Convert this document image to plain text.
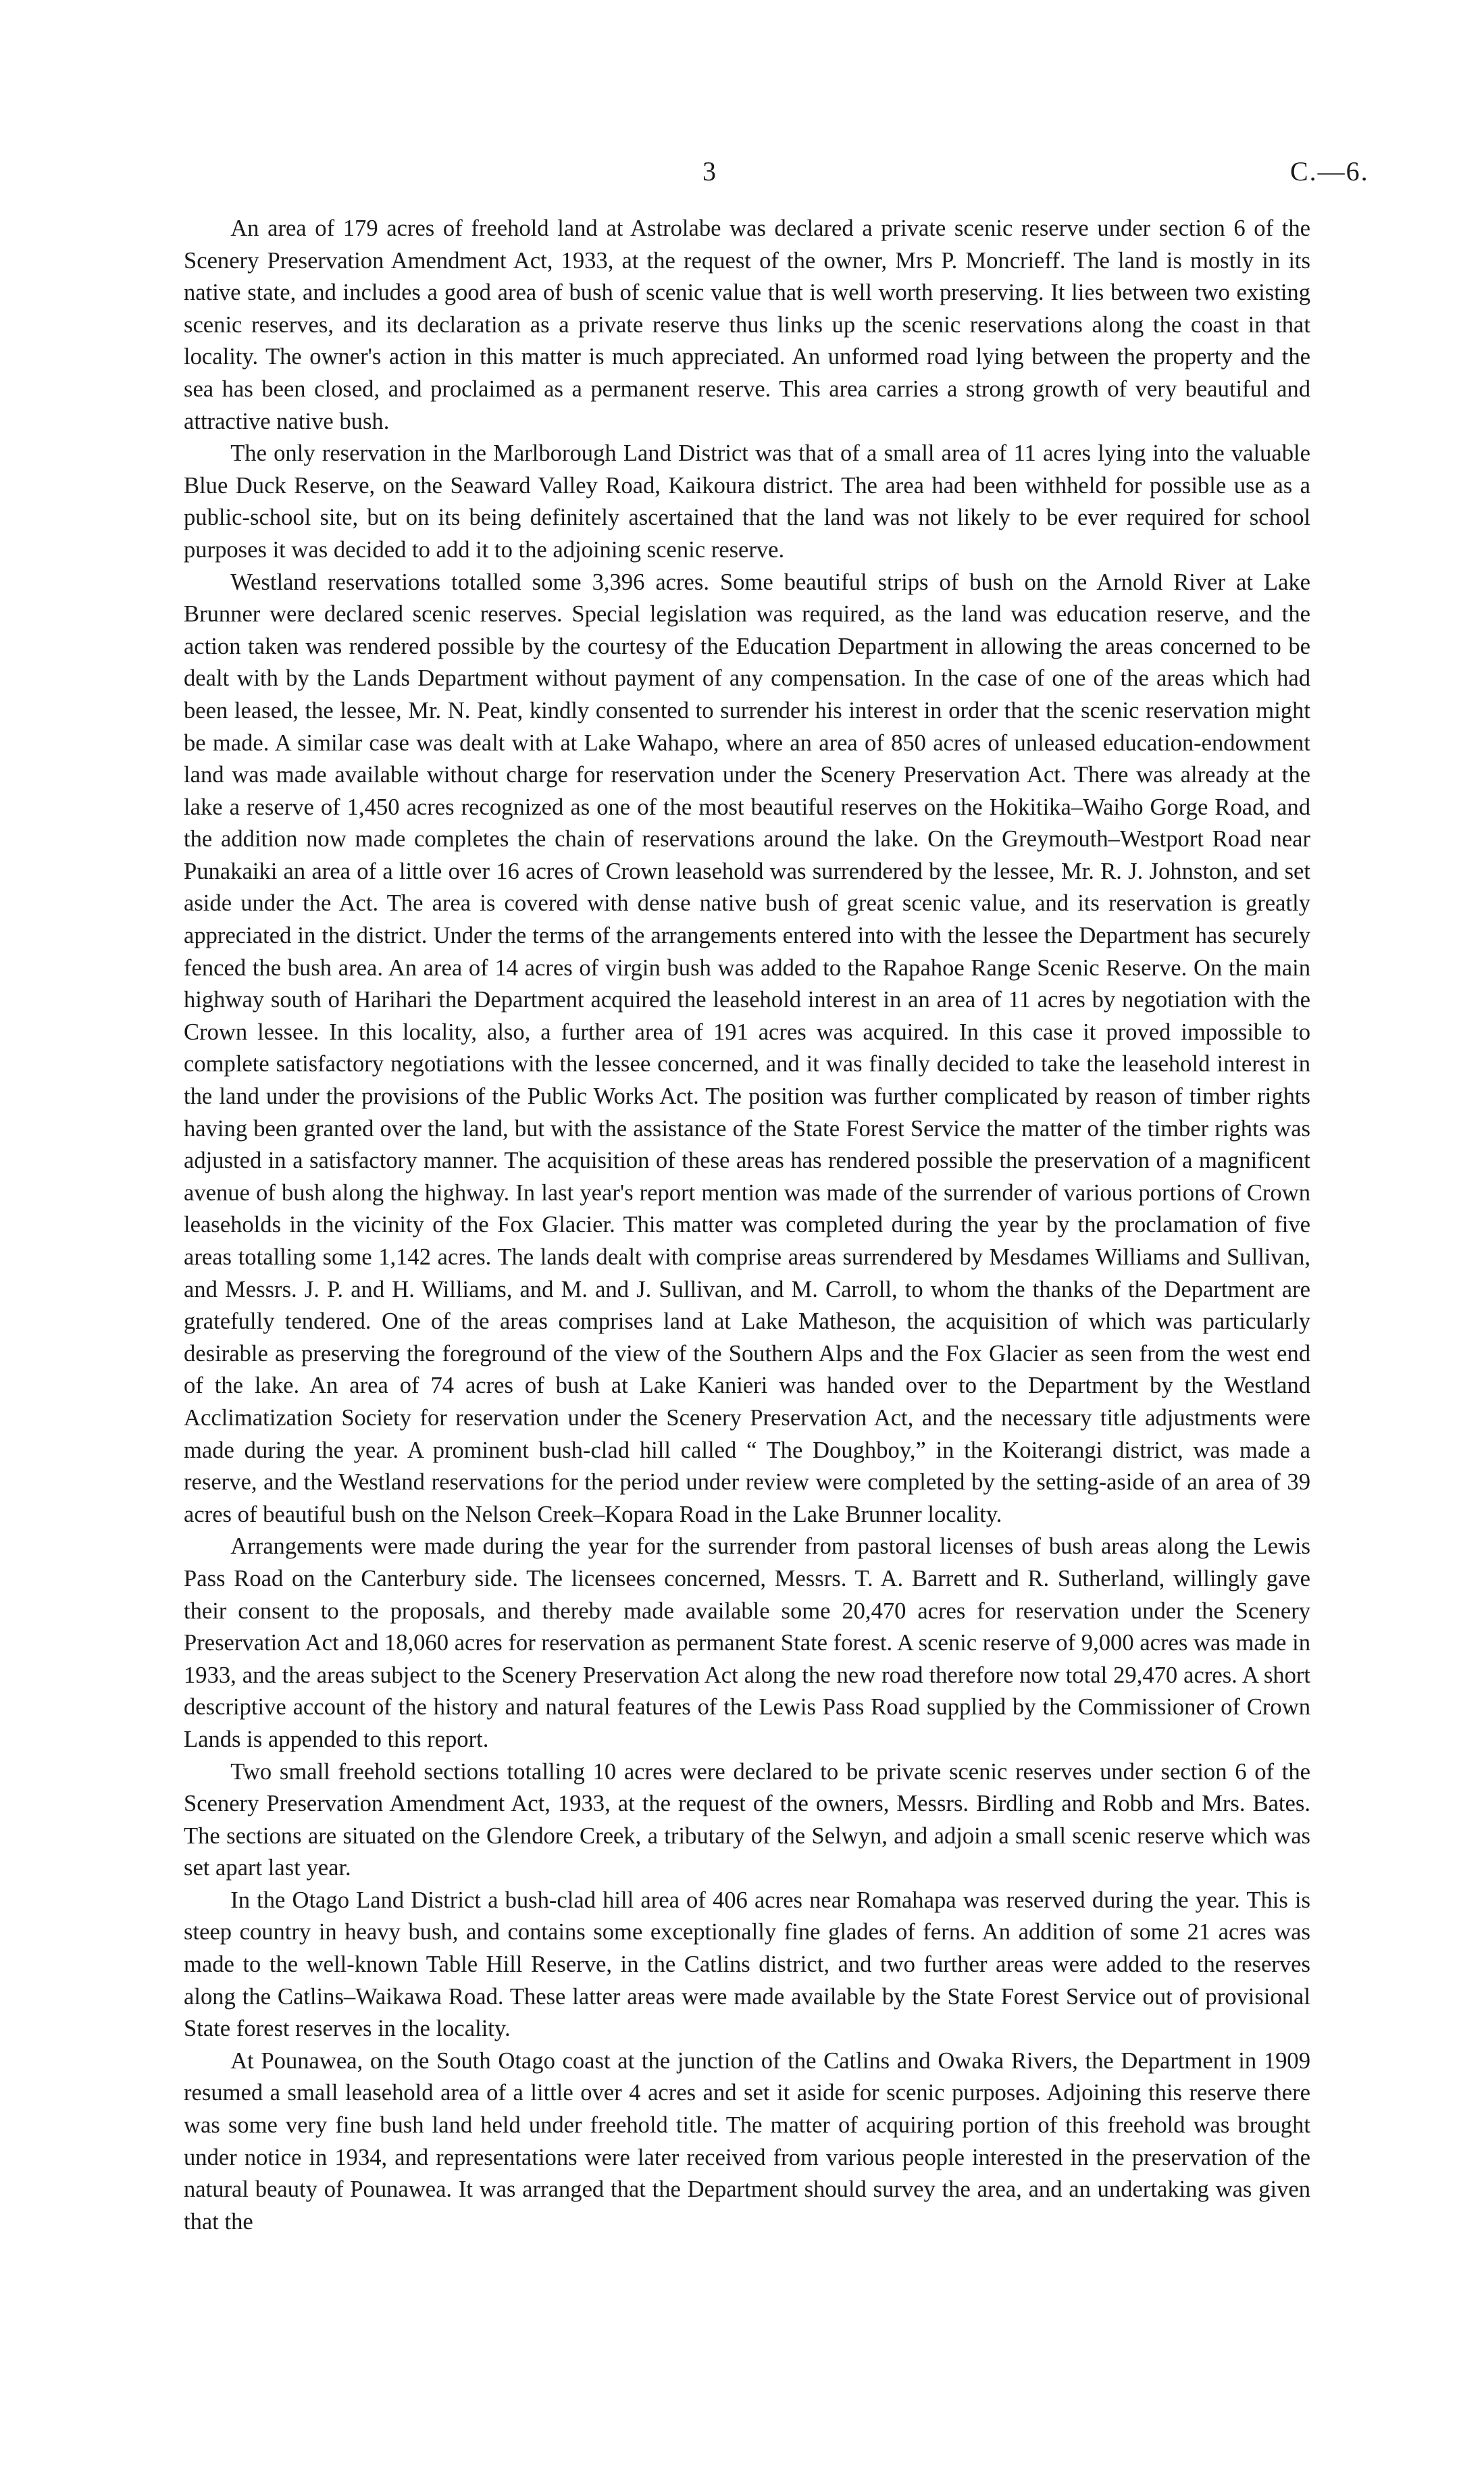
3	C.—6.

An area of 179 acres of freehold land at Astrolabe was declared a private scenic reserve under section 6 of the Scenery Preservation Amendment Act, 1933, at the request of the owner, Mrs P. Moncrieff. The land is mostly in its native state, and includes a good area of bush of scenic value that is well worth preserving. It lies between two existing scenic reserves, and its declaration as a private reserve thus links up the scenic reservations along the coast in that locality. The owner's action in this matter is much appreciated. An unformed road lying between the property and the sea has been closed, and proclaimed as a permanent reserve. This area carries a strong growth of very beautiful and attractive native bush.

The only reservation in the Marlborough Land District was that of a small area of 11 acres lying into the valuable Blue Duck Reserve, on the Seaward Valley Road, Kaikoura district. The area had been withheld for possible use as a public-school site, but on its being definitely ascertained that the land was not likely to be ever required for school purposes it was decided to add it to the adjoining scenic reserve.

Westland reservations totalled some 3,396 acres. Some beautiful strips of bush on the Arnold River at Lake Brunner were declared scenic reserves. Special legislation was required, as the land was education reserve, and the action taken was rendered possible by the courtesy of the Education Department in allowing the areas concerned to be dealt with by the Lands Department without payment of any compensation. In the case of one of the areas which had been leased, the lessee, Mr. N. Peat, kindly consented to surrender his interest in order that the scenic reservation might be made. A similar case was dealt with at Lake Wahapo, where an area of 850 acres of unleased education-endowment land was made available without charge for reservation under the Scenery Preservation Act. There was already at the lake a reserve of 1,450 acres recognized as one of the most beautiful reserves on the Hokitika–Waiho Gorge Road, and the addition now made completes the chain of reservations around the lake. On the Greymouth–Westport Road near Punakaiki an area of a little over 16 acres of Crown leasehold was surrendered by the lessee, Mr. R. J. Johnston, and set aside under the Act. The area is covered with dense native bush of great scenic value, and its reservation is greatly appreciated in the district. Under the terms of the arrangements entered into with the lessee the Department has securely fenced the bush area. An area of 14 acres of virgin bush was added to the Rapahoe Range Scenic Reserve. On the main highway south of Harihari the Department acquired the leasehold interest in an area of 11 acres by negotiation with the Crown lessee. In this locality, also, a further area of 191 acres was acquired. In this case it proved impossible to complete satisfactory negotiations with the lessee concerned, and it was finally decided to take the leasehold interest in the land under the provisions of the Public Works Act. The position was further complicated by reason of timber rights having been granted over the land, but with the assistance of the State Forest Service the matter of the timber rights was adjusted in a satisfactory manner. The acquisition of these areas has rendered possible the preservation of a magnificent avenue of bush along the highway. In last year's report mention was made of the surrender of various portions of Crown leaseholds in the vicinity of the Fox Glacier. This matter was completed during the year by the proclamation of five areas totalling some 1,142 acres. The lands dealt with comprise areas surrendered by Mesdames Williams and Sullivan, and Messrs. J. P. and H. Williams, and M. and J. Sullivan, and M. Carroll, to whom the thanks of the Department are gratefully tendered. One of the areas comprises land at Lake Matheson, the acquisition of which was particularly desirable as preserving the foreground of the view of the Southern Alps and the Fox Glacier as seen from the west end of the lake. An area of 74 acres of bush at Lake Kanieri was handed over to the Department by the Westland Acclimatization Society for reservation under the Scenery Preservation Act, and the necessary title adjustments were made during the year. A prominent bush-clad hill called “ The Doughboy,” in the Koiterangi district, was made a reserve, and the Westland reservations for the period under review were completed by the setting-aside of an area of 39 acres of beautiful bush on the Nelson Creek–Kopara Road in the Lake Brunner locality.

Arrangements were made during the year for the surrender from pastoral licenses of bush areas along the Lewis Pass Road on the Canterbury side. The licensees concerned, Messrs. T. A. Barrett and R. Sutherland, willingly gave their consent to the proposals, and thereby made available some 20,470 acres for reservation under the Scenery Preservation Act and 18,060 acres for reservation as permanent State forest. A scenic reserve of 9,000 acres was made in 1933, and the areas subject to the Scenery Preservation Act along the new road therefore now total 29,470 acres. A short descriptive account of the history and natural features of the Lewis Pass Road supplied by the Commissioner of Crown Lands is appended to this report.

Two small freehold sections totalling 10 acres were declared to be private scenic reserves under section 6 of the Scenery Preservation Amendment Act, 1933, at the request of the owners, Messrs. Birdling and Robb and Mrs. Bates. The sections are situated on the Glendore Creek, a tributary of the Selwyn, and adjoin a small scenic reserve which was set apart last year.

In the Otago Land District a bush-clad hill area of 406 acres near Romahapa was reserved during the year. This is steep country in heavy bush, and contains some exceptionally fine glades of ferns. An addition of some 21 acres was made to the well-known Table Hill Reserve, in the Catlins district, and two further areas were added to the reserves along the Catlins–Waikawa Road. These latter areas were made available by the State Forest Service out of provisional State forest reserves in the locality.

At Pounawea, on the South Otago coast at the junction of the Catlins and Owaka Rivers, the Department in 1909 resumed a small leasehold area of a little over 4 acres and set it aside for scenic purposes. Adjoining this reserve there was some very fine bush land held under freehold title. The matter of acquiring portion of this freehold was brought under notice in 1934, and representations were later received from various people interested in the preservation of the natural beauty of Pounawea. It was arranged that the Department should survey the area, and an undertaking was given that the
